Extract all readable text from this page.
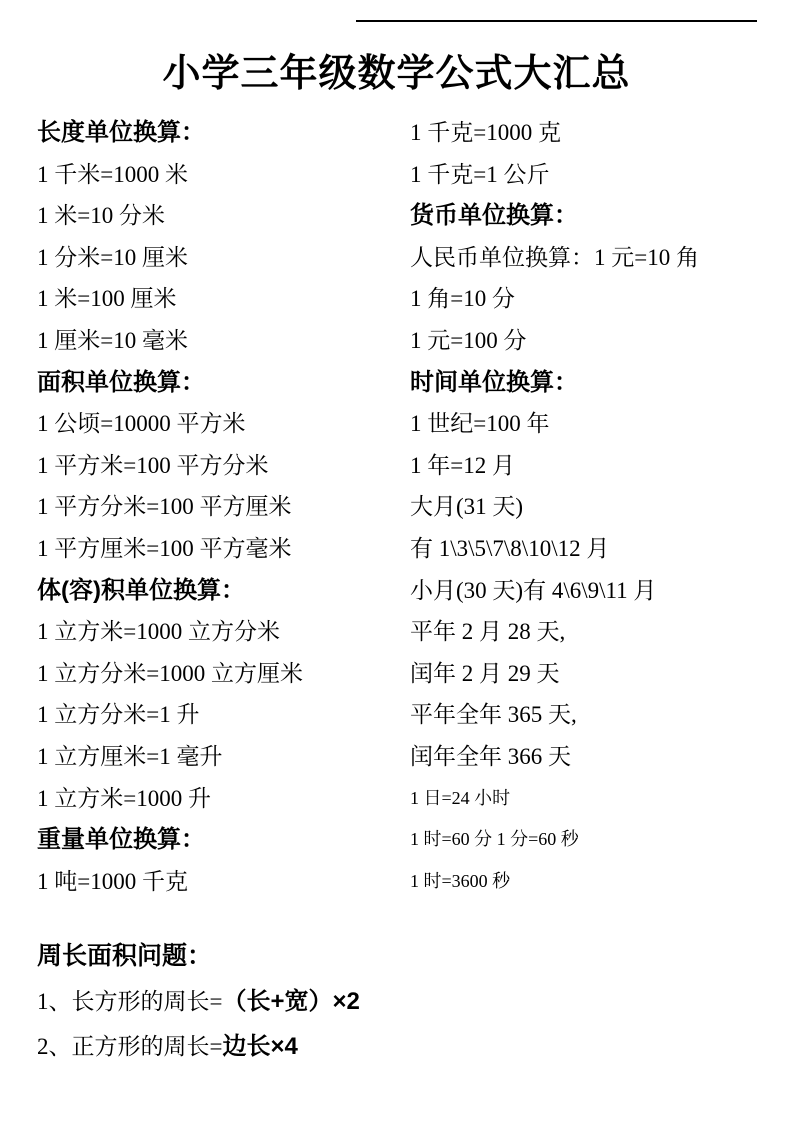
小学三年级数学公式大汇总
长度单位换算：
1 千米=1000 米
1 米=10 分米
1 分米=10 厘米
1 米=100 厘米
1 厘米=10 毫米
面积单位换算：
1 公顷=10000 平方米
1 平方米=100 平方分米
1 平方分米=100 平方厘米
1 平方厘米=100 平方毫米
体(容)积单位换算：
1 立方米=1000 立方分米
1 立方分米=1000 立方厘米
1 立方分米=1 升
1 立方厘米=1 毫升
1 立方米=1000 升
重量单位换算：
1 吨=1000 千克
1 千克=1000 克
1 千克=1 公斤
货币单位换算：
人民币单位换算：1 元=10 角
1 角=10 分
1 元=100 分
时间单位换算：
1 世纪=100 年
1 年=12 月
大月(31 天)
有 1\3\5\7\8\10\12 月
小月(30 天)有 4\6\9\11 月
平年 2 月 28 天,
闰年 2 月 29 天
平年全年 365 天,
闰年全年 366 天
1 日=24 小时
1 时=60 分 1 分=60 秒
1 时=3600 秒
周长面积问题：
1、长方形的周长=（长+宽）×2
2、正方形的周长=边长×4
